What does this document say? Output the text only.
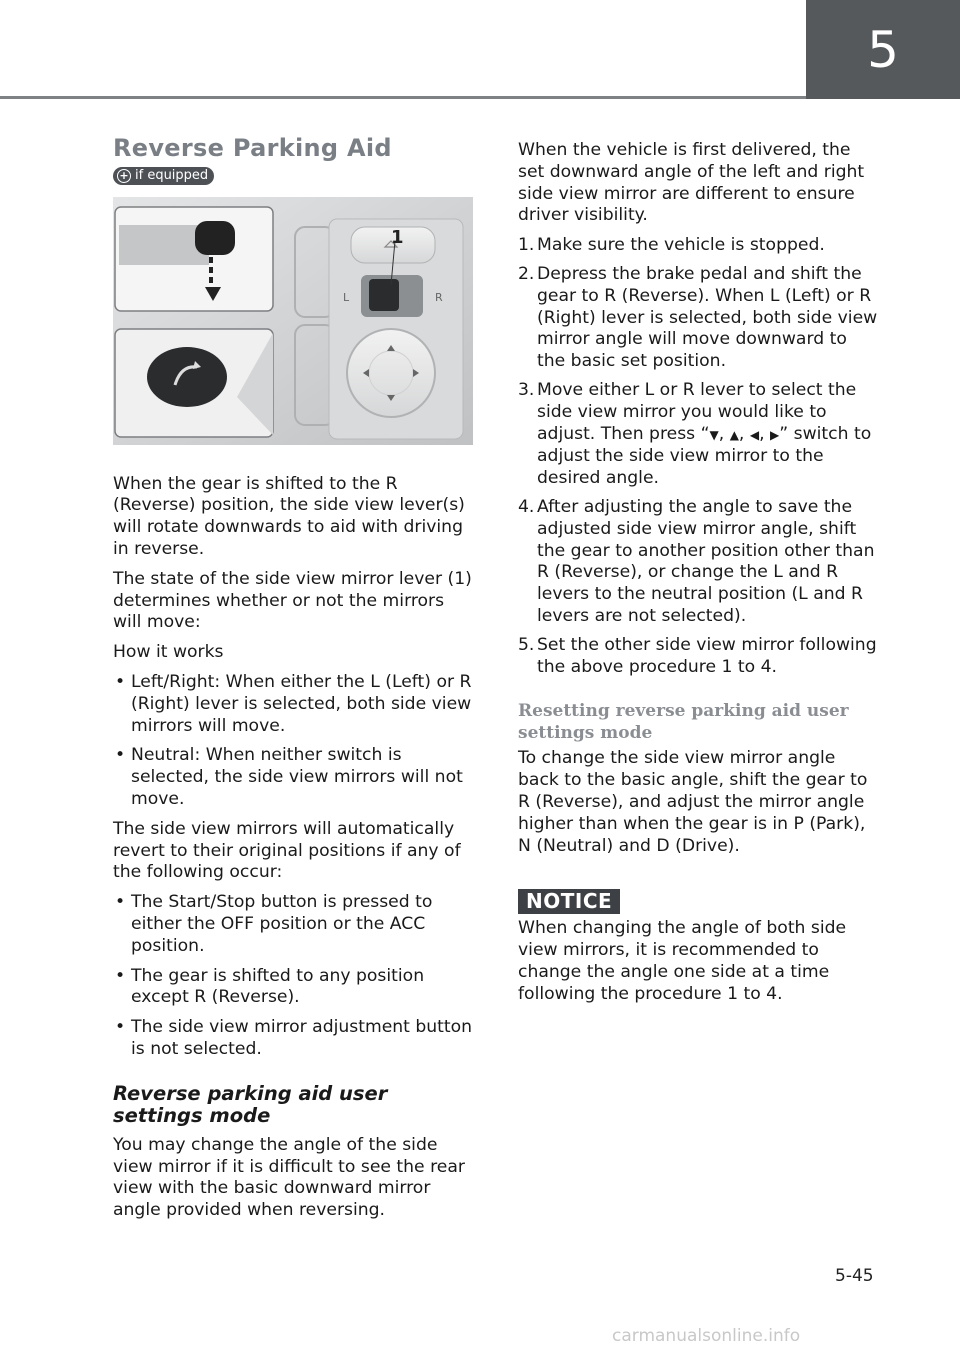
5
Reverse Parking Aid
+ if equipped

L	R
1

When the gear is shifted to the R (Reverse) position, the side view lever(s) will rotate downwards to aid with driving in reverse.

The state of the side view mirror lever (1) determines whether or not the mirrors will move:

How it works

• Left/Right: When either the L (Left) or R (Right) lever is selected, both side view mirrors will move.
• Neutral: When neither switch is selected, the side view mirrors will not move.

The side view mirrors will automatically revert to their original positions if any of the following occur:

• The Start/Stop button is pressed to either the OFF position or the ACC position.
• The gear is shifted to any position except R (Reverse).
• The side view mirror adjustment button is not selected.
Reverse parking aid user settings mode

You may change the angle of the side view mirror if it is difficult to see the rear view with the basic downward mirror angle provided when reversing.

When the vehicle is first delivered, the set downward angle of the left and right side view mirror are different to ensure driver visibility.

1. Make sure the vehicle is stopped.
2. Depress the brake pedal and shift the gear to R (Reverse). When L (Left) or R (Right) lever is selected, both side view mirror angle will move downward to the basic set position.
3. Move either L or R lever to select the side view mirror you would like to adjust. Then press “▼, ▲, ◀, ▶” switch to adjust the side view mirror to the desired angle.
4. After adjusting the angle to save the adjusted side view mirror angle, shift the gear to another position other than R (Reverse), or change the L and R levers to the neutral position (L and R levers are not selected).
5. Set the other side view mirror following the above procedure 1 to 4.
Resetting reverse parking aid user settings mode

To change the side view mirror angle back to the basic angle, shift the gear to R (Reverse), and adjust the mirror angle higher than when the gear is in P (Park), N (Neutral) and D (Drive).

NOTICE

When changing the angle of both side view mirrors, it is recommended to change the angle one side at a time following the procedure 1 to 4.

5-45
carmanualsonline.info
